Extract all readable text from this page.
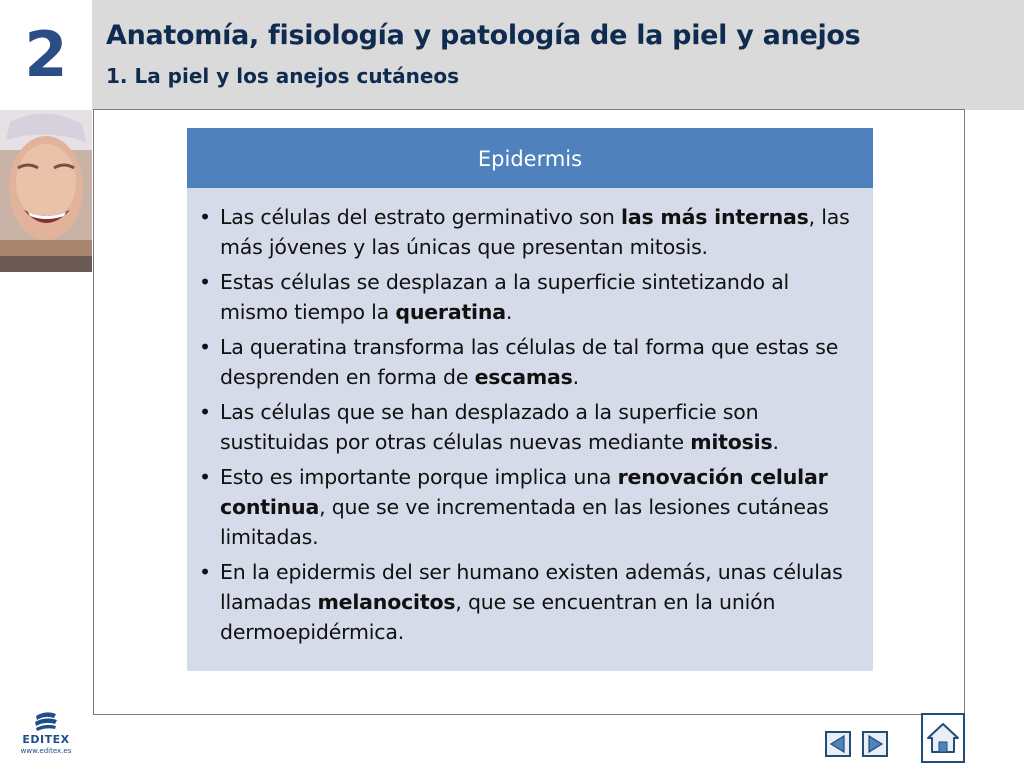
2	Anatomía, fisiología y patología de la piel y anejos
1. La piel y los anejos cutáneos
Epidermis
• Las células del estrato germinativo son las más internas, las más jóvenes y las únicas que presentan mitosis.
• Estas células se desplazan a la superficie sintetizando al mismo tiempo la queratina.
• La queratina transforma las células de tal forma que estas se desprenden en forma de escamas.
• Las células que se han desplazado a la superficie son sustituidas por otras células nuevas mediante mitosis.
• Esto es importante porque implica una renovación celular continua, que se ve incrementada en las lesiones cutáneas limitadas.
• En la epidermis del ser humano existen además, unas células llamadas melanocitos, que se encuentran en la unión dermoepidérmica.
EDITEX
www.editex.es
